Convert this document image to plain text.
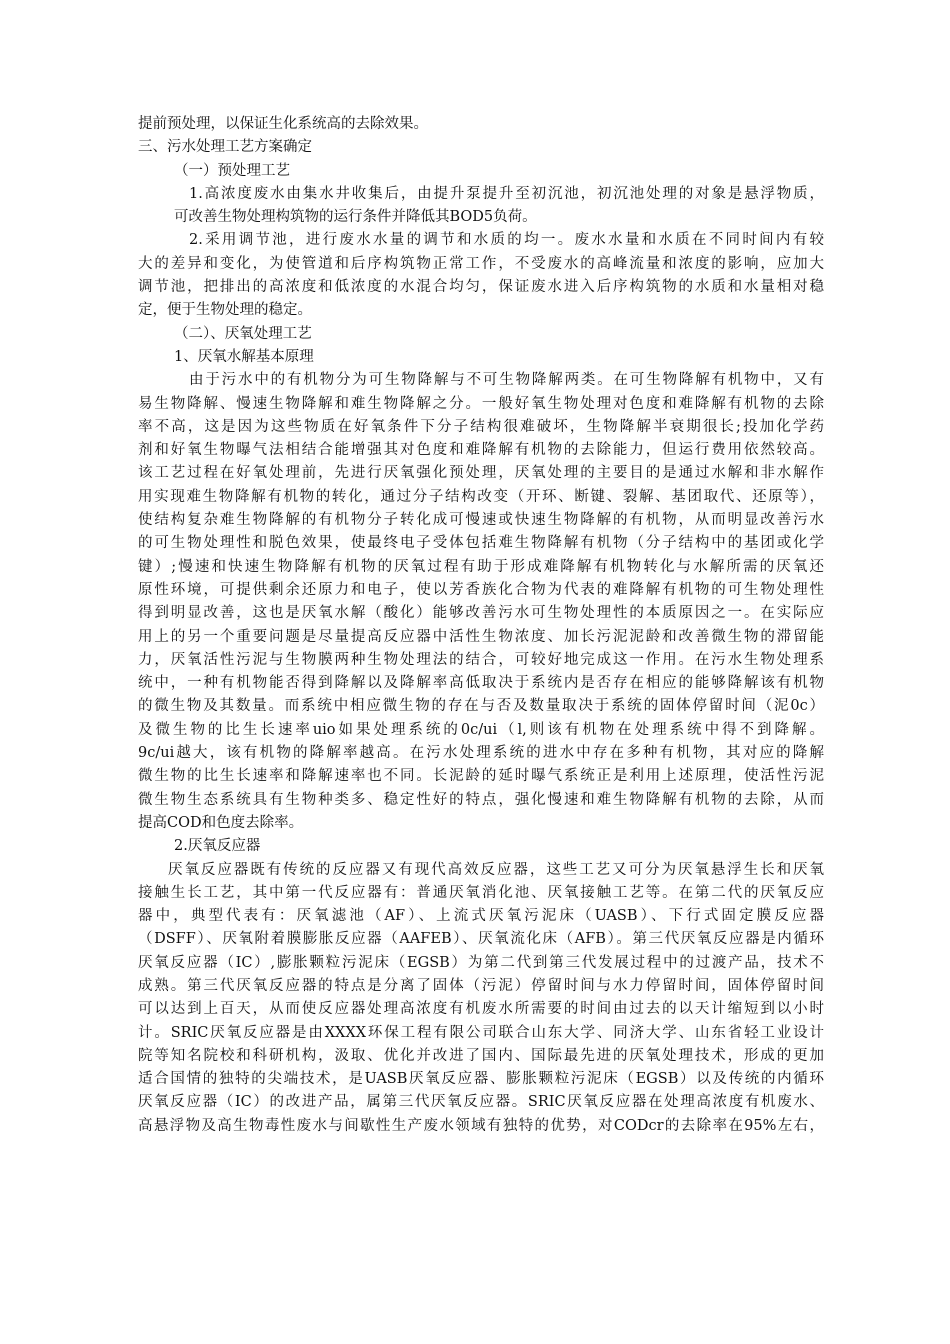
提前预处理，以保证生化系统高的去除效果。
三、污水处理工艺方案确定
（一）预处理工艺
1.高浓度废水由集水井收集后，由提升泵提升至初沉池，初沉池处理的对象是悬浮物质，
可改善生物处理构筑物的运行条件并降低其BOD5负荷。
2.采用调节池，进行废水水量的调节和水质的均一。废水水量和水质在不同时间内有较
大的差异和变化，为使管道和后序构筑物正常工作，不受废水的高峰流量和浓度的影响，应加大
调节池，把排出的高浓度和低浓度的水混合均匀，保证废水进入后序构筑物的水质和水量相对稳
定，便于生物处理的稳定。
（二）、厌氧处理工艺
1、厌氧水解基本原理
由于污水中的有机物分为可生物降解与不可生物降解两类。在可生物降解有机物中，又有
易生物降解、慢速生物降解和难生物降解之分。一般好氧生物处理对色度和难降解有机物的去除
率不高，这是因为这些物质在好氧条件下分子结构很难破坏，生物降解半衰期很长;投加化学药
剂和好氧生物曝气法相结合能增强其对色度和难降解有机物的去除能力，但运行费用依然较高。
该工艺过程在好氧处理前，先进行厌氧强化预处理，厌氧处理的主要目的是通过水解和非水解作
用实现难生物降解有机物的转化，通过分子结构改变（开环、断键、裂解、基团取代、还原等），
使结构复杂难生物降解的有机物分子转化成可慢速或快速生物降解的有机物，从而明显改善污水
的可生物处理性和脱色效果，使最终电子受体包括难生物降解有机物（分子结构中的基团或化学
键）;慢速和快速生物降解有机物的厌氧过程有助于形成难降解有机物转化与水解所需的厌氧还
原性环境，可提供剩余还原力和电子，使以芳香族化合物为代表的难降解有机物的可生物处理性
得到明显改善，这也是厌氧水解（酸化）能够改善污水可生物处理性的本质原因之一。在实际应
用上的另一个重要问题是尽量提高反应器中活性生物浓度、加长污泥泥龄和改善微生物的滞留能
力，厌氧活性污泥与生物膜两种生物处理法的结合，可较好地完成这一作用。在污水生物处理系
统中，一种有机物能否得到降解以及降解率高低取决于系统内是否存在相应的能够降解该有机物
的微生物及其数量。而系统中相应微生物的存在与否及数量取决于系统的固体停留时间（泥0c）
及微生物的比生长速率uio如果处理系统的0c/ui（l,则该有机物在处理系统中得不到降解。
9c/ui越大，该有机物的降解率越高。在污水处理系统的进水中存在多种有机物，其对应的降解
微生物的比生长速率和降解速率也不同。长泥龄的延时曝气系统正是利用上述原理，使活性污泥
微生物生态系统具有生物种类多、稳定性好的特点，强化慢速和难生物降解有机物的去除，从而
提高COD和色度去除率。
2.厌氧反应器
厌氧反应器既有传统的反应器又有现代高效反应器，这些工艺又可分为厌氧悬浮生长和厌氧
接触生长工艺，其中第一代反应器有：普通厌氧消化池、厌氧接触工艺等。在第二代的厌氧反应
器中，典型代表有：厌氧滤池（AF）、上流式厌氧污泥床（UASB）、下行式固定膜反应器
（DSFF）、厌氧附着膜膨胀反应器（AAFEB）、厌氧流化床（AFB）。第三代厌氧反应器是内循环
厌氧反应器（IC）,膨胀颗粒污泥床（EGSB）为第二代到第三代发展过程中的过渡产品，技术不
成熟。第三代厌氧反应器的特点是分离了固体（污泥）停留时间与水力停留时间，固体停留时间
可以达到上百天，从而使反应器处理高浓度有机废水所需要的时间由过去的以天计缩短到以小时
计。SRIC厌氧反应器是由XXXX环保工程有限公司联合山东大学、同济大学、山东省轻工业设计
院等知名院校和科研机构，汲取、优化并改进了国内、国际最先进的厌氧处理技术，形成的更加
适合国情的独特的尖端技术，是UASB厌氧反应器、膨胀颗粒污泥床（EGSB）以及传统的内循环
厌氧反应器（IC）的改进产品，属第三代厌氧反应器。SRIC厌氧反应器在处理高浓度有机废水、
高悬浮物及高生物毒性废水与间歇性生产废水领域有独特的优势，对CODcr的去除率在95%左右，
